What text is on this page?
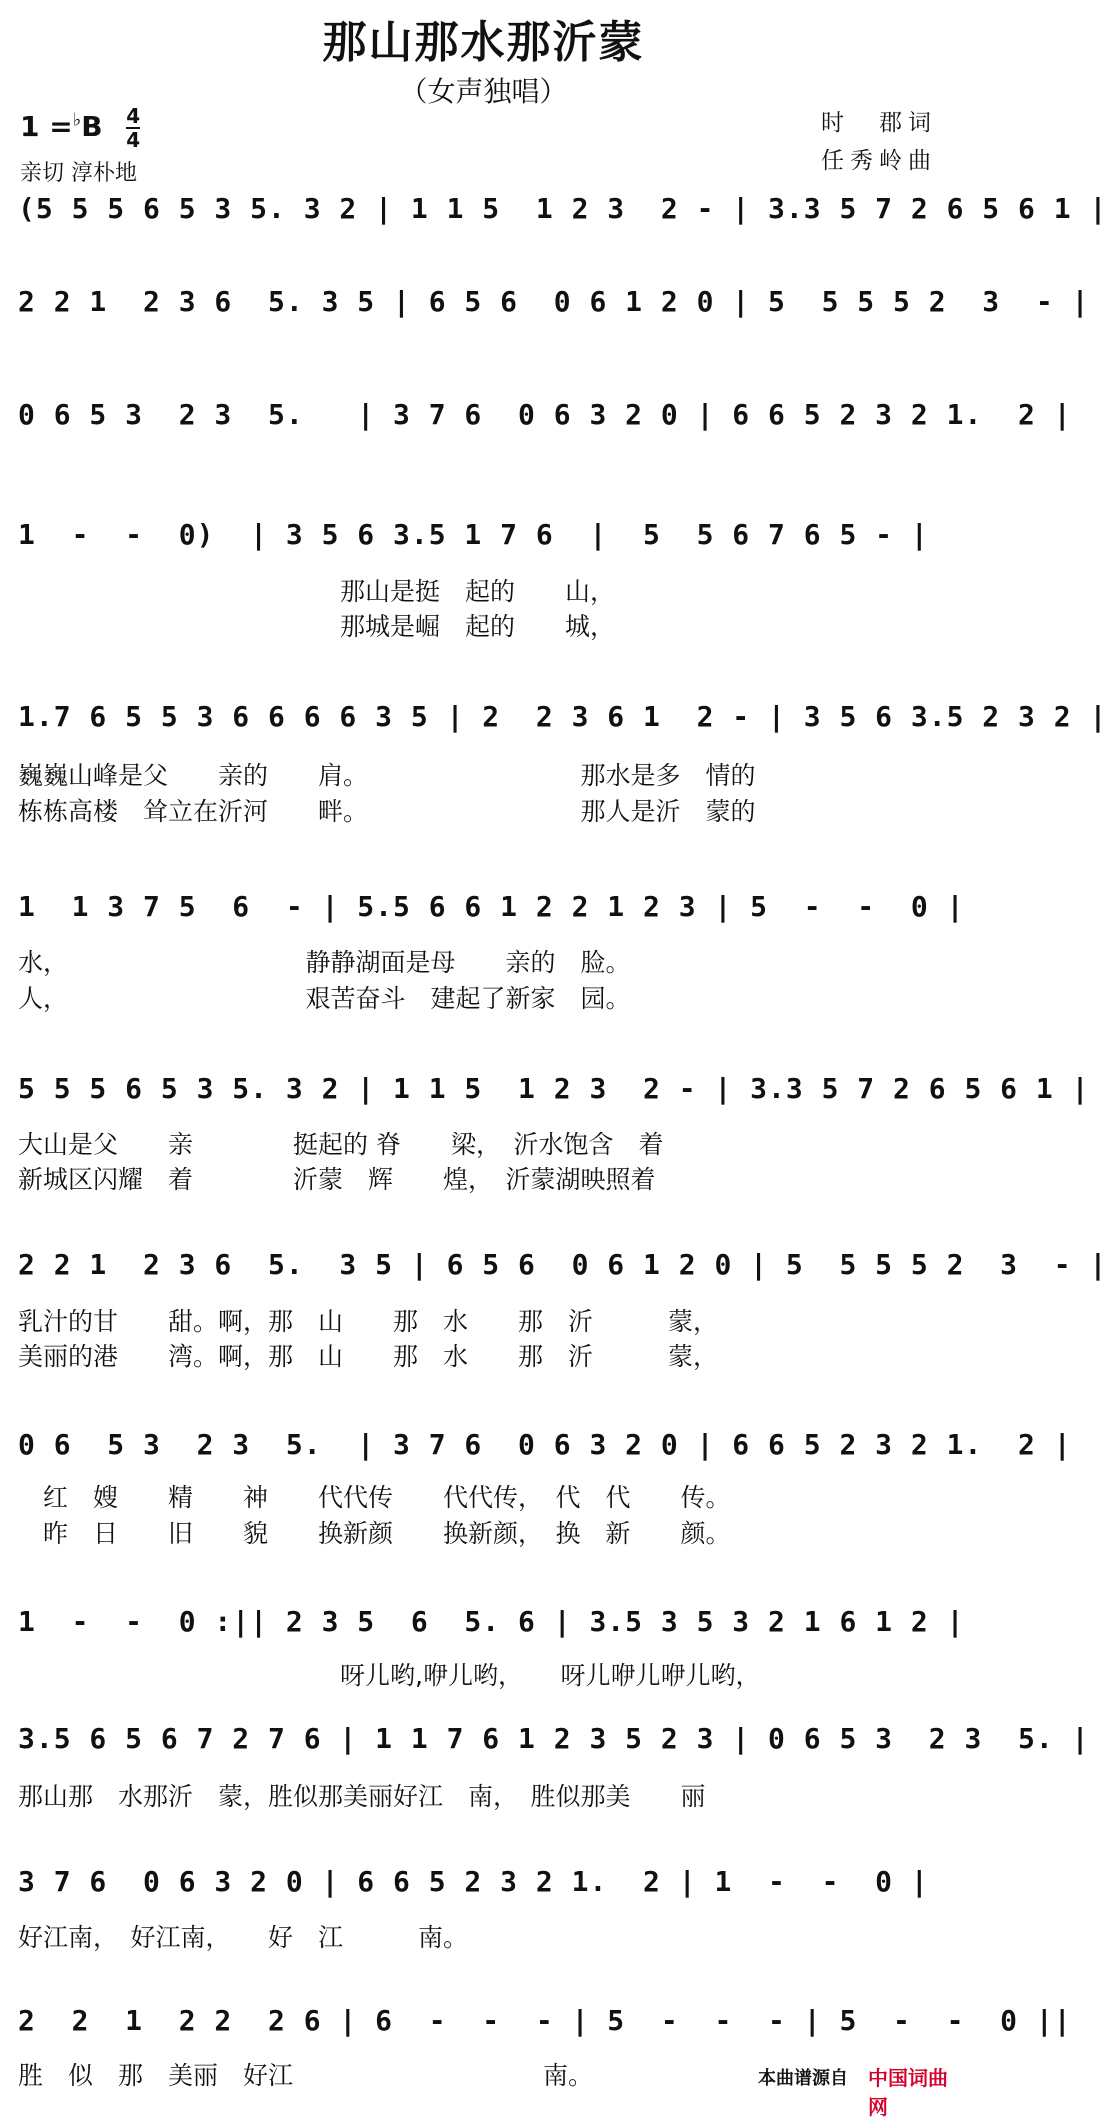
那山那水那沂蒙
（女声独唱）
$1 =^♭B \frac{4}{4}$
亲切 淳朴地
时　郡词
任秀岭曲
(5 5 5 6 5 3 5. 3 2 | 1 1 5  1 2 3  2 - | 3.3 5 7 2 6 5 6 1 |
2 2 1  2 3 6  5. 3 5 | 6 5 6  0 6 1 2 0 | 5  5 5 5 2  3  - |
0 6 5 3  2 3  5.   | 3 7 6  0 6 3 2 0 | 6 6 5 2 3 2 1.  2 |
1  -  -  0)  | 3 5 6 3.5 1 7 6  |  5  5 6 7 6 5 - |
那山是挺　起的　　山，
那城是崛　起的　　城，
1.7 6 5 5 3 6 6 6 6 3 5 | 2  2 3 6 1  2 - | 3 5 6 3.5 2 3 2 |
巍巍山峰是父　　亲的　　肩。　　　　　　　　　那水是多　情的
栋栋高楼　耸立在沂河　　畔。　　　　　　　　　那人是沂　蒙的
1  1 3 7 5  6  - | 5.5 6 6 1 2 2 1 2 3 | 5  -  -  0 |
水，　　　　　　　　　　静静湖面是母　　亲的　脸。
人，　　　　　　　　　　艰苦奋斗　建起了新家　园。
5 5 5 6 5 3 5. 3 2 | 1 1 5  1 2 3  2 - | 3.3 5 7 2 6 5 6 1 |
大山是父　　亲　　　　挺起的 脊　　梁，　沂水饱含　着
新城区闪耀　着　　　　沂蒙　辉　　煌，　沂蒙湖映照着
2 2 1  2 3 6  5.  3 5 | 6 5 6  0 6 1 2 0 | 5  5 5 5 2  3  - |
乳汁的甘　　甜。啊，那　山　　那　水　　那　沂　　　蒙，
美丽的港　　湾。啊，那　山　　那　水　　那　沂　　　蒙，
0 6  5 3  2 3  5.  | 3 7 6  0 6 3 2 0 | 6 6 5 2 3 2 1.  2 |
　红　嫂　　精　　神　　代代传　　代代传，　代　代　　传。
　昨　日　　旧　　貌　　换新颜　　换新颜，　换　新　　颜。
1  -  -  0 :|| 2 3 5  6  5. 6 | 3.5 3 5 3 2 1 6 1 2 |
呀儿哟,咿儿哟，　　呀儿咿儿咿儿哟，
3.5 6 5 6 7 2 7 6 | 1 1 7 6 1 2 3 5 2 3 | 0 6 5 3  2 3  5. |
那山那　水那沂　蒙，胜似那美丽好江　南，　胜似那美　　丽
3 7 6  0 6 3 2 0 | 6 6 5 2 3 2 1.  2 | 1  -  -  0 |
好江南，　好江南，　　好　江　　　南。
2  2  1  2 2  2 6 | 6  -  -  - | 5  -  -  - | 5  -  -  0 ||
胜　似　那　美丽　好江　　　　　　　　　　南。	本曲谱源自 中国词曲网
